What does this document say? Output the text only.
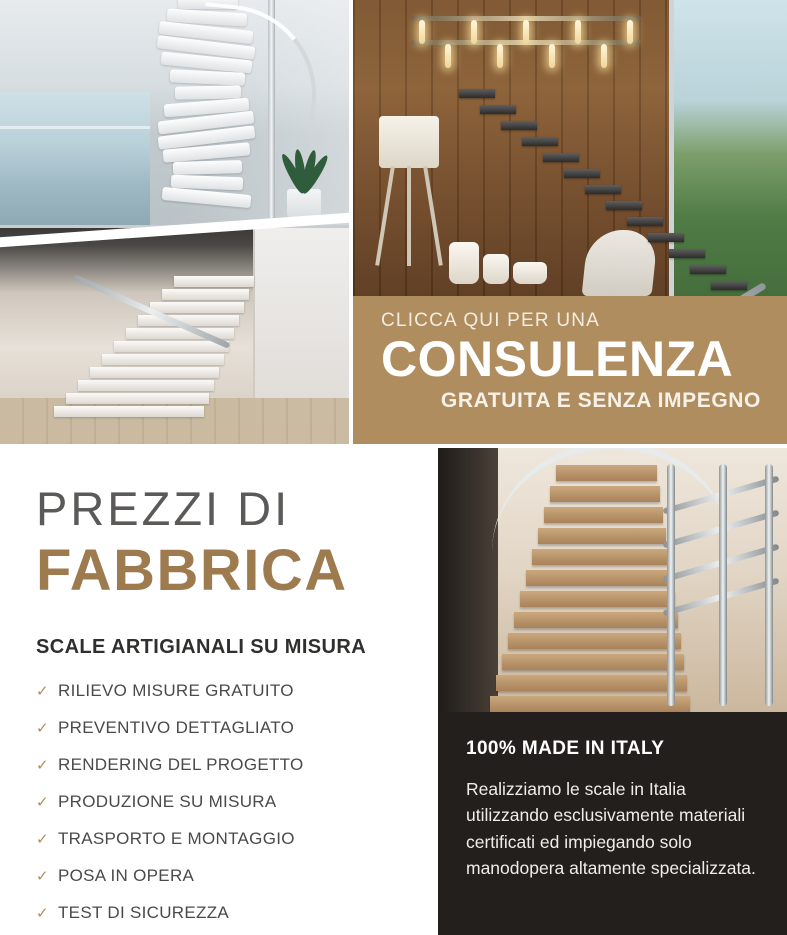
CLICCA QUI PER UNA
CONSULENZA
GRATUITA E SENZA IMPEGNO
PREZZI DI
FABBRICA
SCALE ARTIGIANALI SU MISURA
✓ RILIEVO MISURE GRATUITO
✓ PREVENTIVO DETTAGLIATO
✓ RENDERING DEL PROGETTO
✓ PRODUZIONE SU MISURA
✓ TRASPORTO E MONTAGGIO
✓ POSA IN OPERA
✓ TEST DI SICUREZZA
100% MADE IN ITALY
Realizziamo le scale in Italia utilizzando esclusivamente materiali certificati ed impiegando solo manodopera altamente specializzata.
